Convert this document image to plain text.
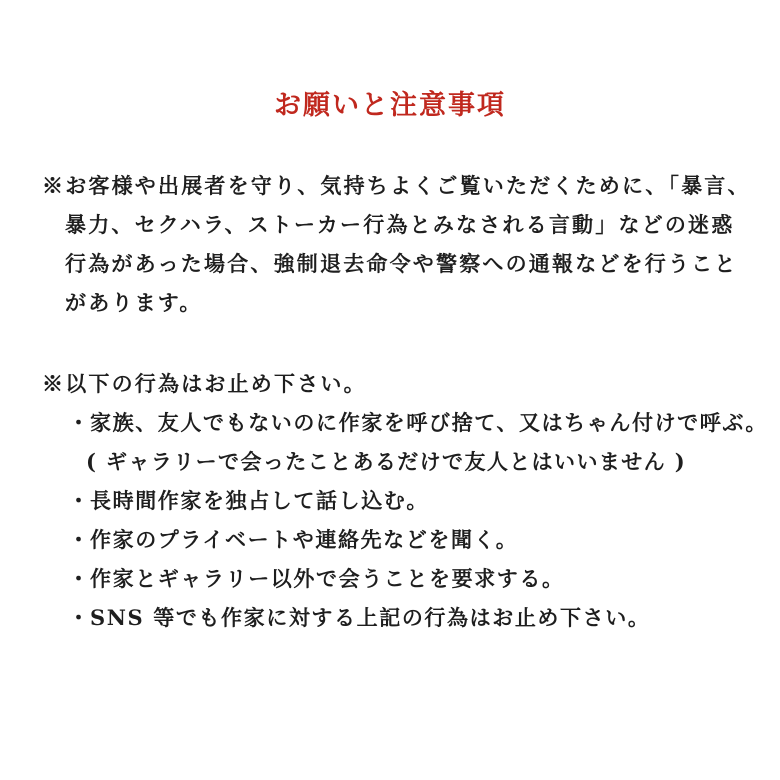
お願いと注意事項
※お客様や出展者を守り、気持ちよくご覧いただくために、「暴言、
暴力、セクハラ、ストーカー行為とみなされる言動」などの迷惑
行為があった場合、強制退去命令や警察への通報などを行うこと
があります。
※以下の行為はお止め下さい。
・家族、友人でもないのに作家を呼び捨て、又はちゃん付けで呼ぶ。
( ギャラリーで会ったことあるだけで友人とはいいません )
・長時間作家を独占して話し込む。
・作家のプライベートや連絡先などを聞く。
・作家とギャラリー以外で会うことを要求する。
・SNS 等でも作家に対する上記の行為はお止め下さい。
